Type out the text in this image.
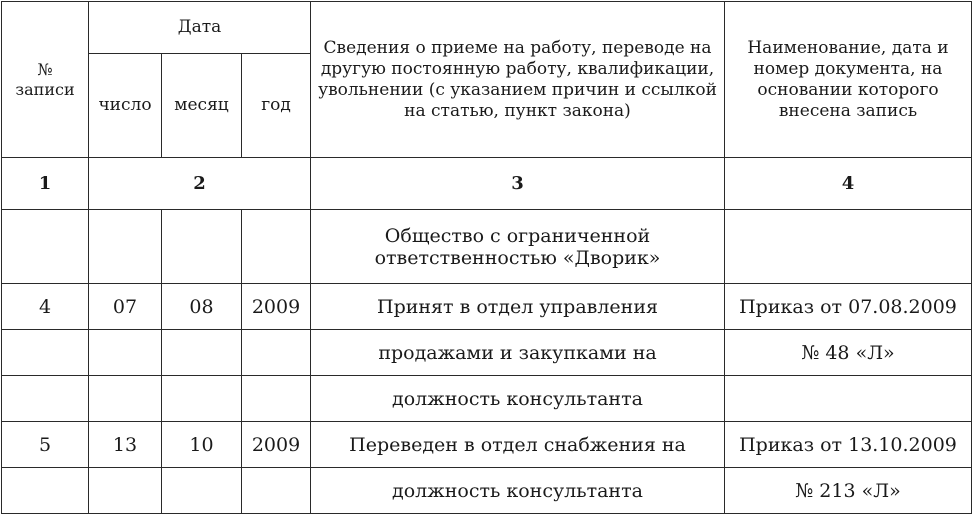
№ записи	Дата			Сведения о приеме на работу, переводе на другую постоянную работу, квалификации, увольнении (с указанием причин и ссылкой на статью, пункт закона)	Наименование, дата и номер документа, на основании которого внесена запись
	число	месяц	год		
1	2			3	4
				Общество с ограниченной ответственностью «Дворик»	
4	07	08	2009	Принят в отдел управления	Приказ от 07.08.2009
				продажами и закупками на	№ 48 «Л»
				должность консультанта	
5	13	10	2009	Переведен в отдел снабжения на	Приказ от 13.10.2009
				должность консультанта	№ 213 «Л»
